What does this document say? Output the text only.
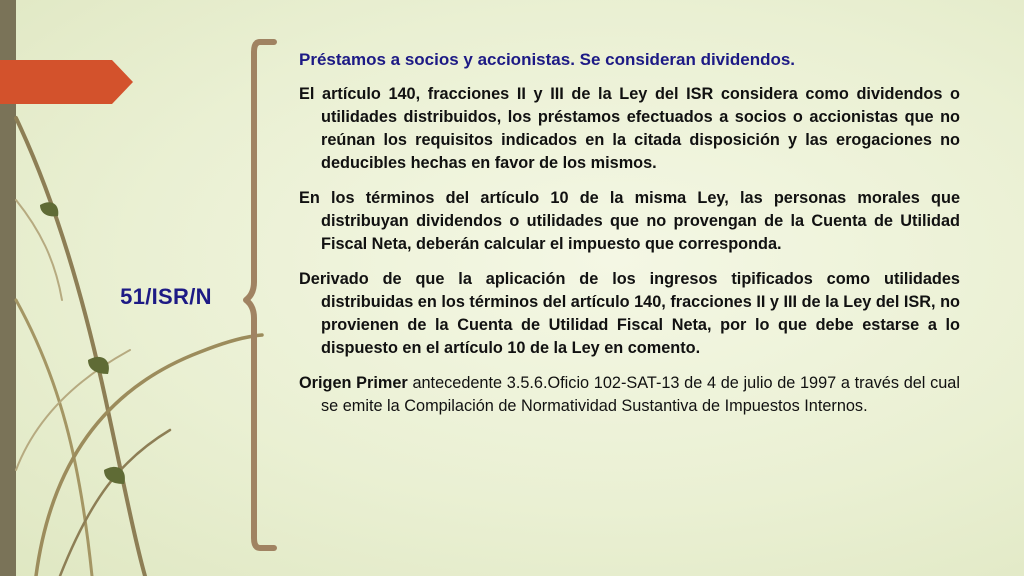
51/ISR/N
Préstamos a socios y accionistas. Se consideran dividendos.

El artículo 140, fracciones II y III de la Ley del ISR considera como dividendos o utilidades distribuidos, los préstamos efectuados a socios o accionistas que no reúnan los requisitos indicados en la citada disposición y las erogaciones no deducibles hechas en favor de los mismos.

En los términos del artículo 10 de la misma Ley, las personas morales que distribuyan dividendos o utilidades que no provengan de la Cuenta de Utilidad Fiscal Neta, deberán calcular el impuesto que corresponda.

Derivado de que la aplicación de los ingresos tipificados como utilidades distribuidas en los términos del artículo 140, fracciones II y III de la Ley del ISR, no provienen de la Cuenta de Utilidad Fiscal Neta, por lo que debe estarse a lo dispuesto en el artículo 10 de la Ley en comento.

Origen Primer antecedente 3.5.6.Oficio 102-SAT-13 de 4 de julio de 1997 a través del cual se emite la Compilación de Normatividad Sustantiva de Impuestos Internos.
